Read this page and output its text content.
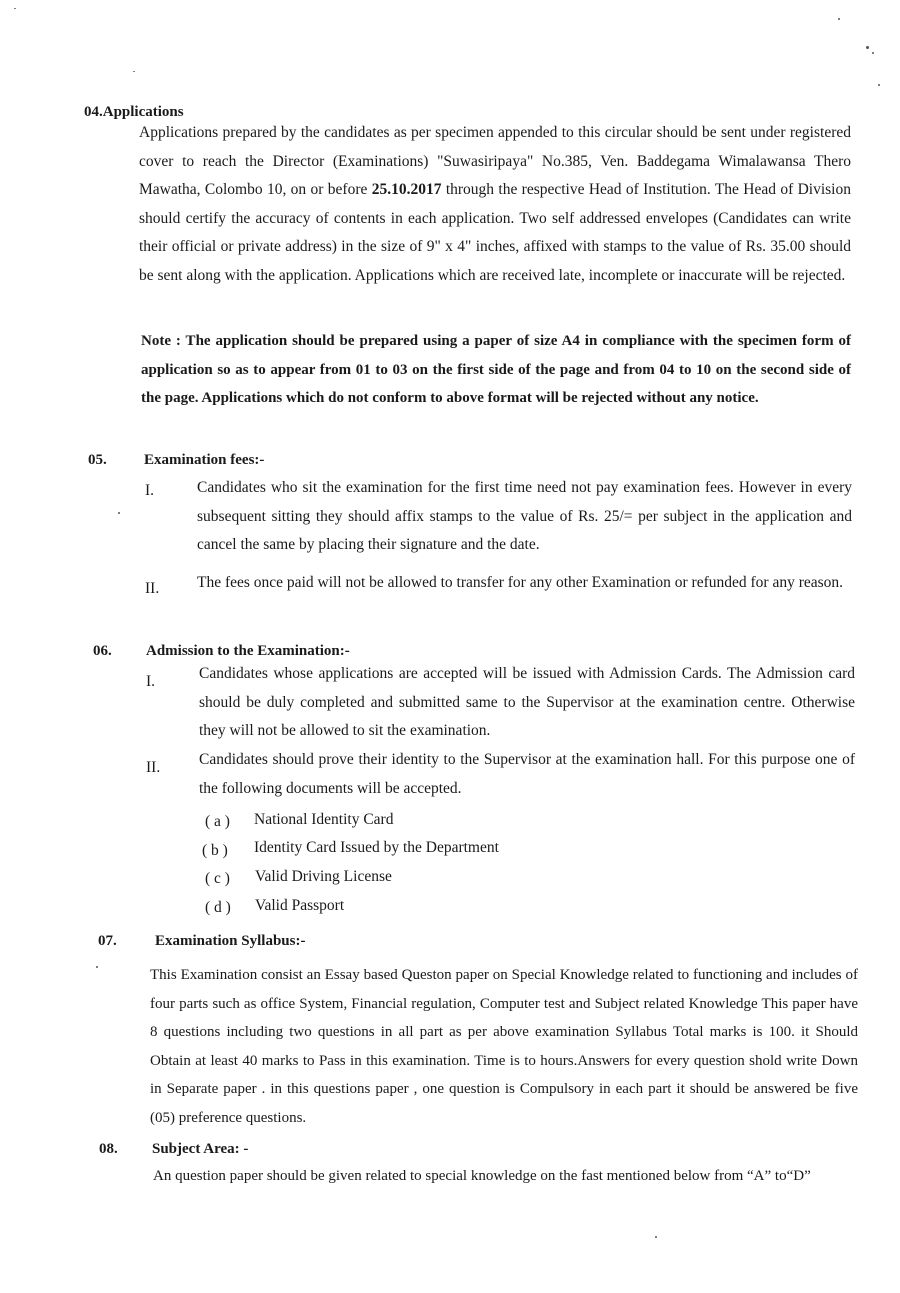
04.Applications
Applications prepared by the candidates as per specimen appended to this circular should be sent under registered cover to reach the Director (Examinations) "Suwasiripaya" No.385, Ven. Baddegama Wimalawansa Thero Mawatha, Colombo 10, on or before 25.10.2017 through the respective Head of Institution. The Head of Division should certify the accuracy of contents in each application. Two self addressed envelopes (Candidates can write their official or private address) in the size of 9" x 4" inches, affixed with stamps to the value of Rs. 35.00 should be sent along with the application. Applications which are received late, incomplete or inaccurate will be rejected.
Note : The application should be prepared using a paper of size A4 in compliance with the specimen form of application so as to appear from 01 to 03 on the first side of the page and from 04 to 10 on the second side of the page. Applications which do not conform to above format will be rejected without any notice.
05. Examination fees:-
I.	Candidates who sit the examination for the first time need not pay examination fees. However in every subsequent sitting they should affix stamps to the value of Rs. 25/= per subject in the application and cancel the same by placing their signature and the date.
II. The fees once paid will not be allowed to transfer for any other Examination or refunded for any reason.
06. Admission to the Examination:-
I.	Candidates whose applications are accepted will be issued with Admission Cards. The Admission card should be duly completed and submitted same to the Supervisor at the examination centre. Otherwise they will not be allowed to sit the examination.
II.	Candidates should prove their identity to the Supervisor at the examination hall. For this purpose one of the following documents will be accepted.
( a ) National Identity Card
( b ) Identity Card Issued by the Department
( c ) Valid Driving License
( d ) Valid Passport
07.	Examination Syllabus:-
This Examination consist an Essay based Queston paper on Special Knowledge related to functioning and includes of four parts such as office System, Financial regulation, Computer test and Subject related Knowledge This paper have 8 questions including two questions in all part as per above examination Syllabus Total marks is 100. it Should Obtain at least 40 marks to Pass in this examination. Time is to hours.Answers for every question shold write Down in Separate paper . in this questions paper , one question is Compulsory in each part it should be answered be five (05) preference questions.
08. Subject Area: -
An question paper should be given related to special knowledge on the fast mentioned below from “A” to“D”
